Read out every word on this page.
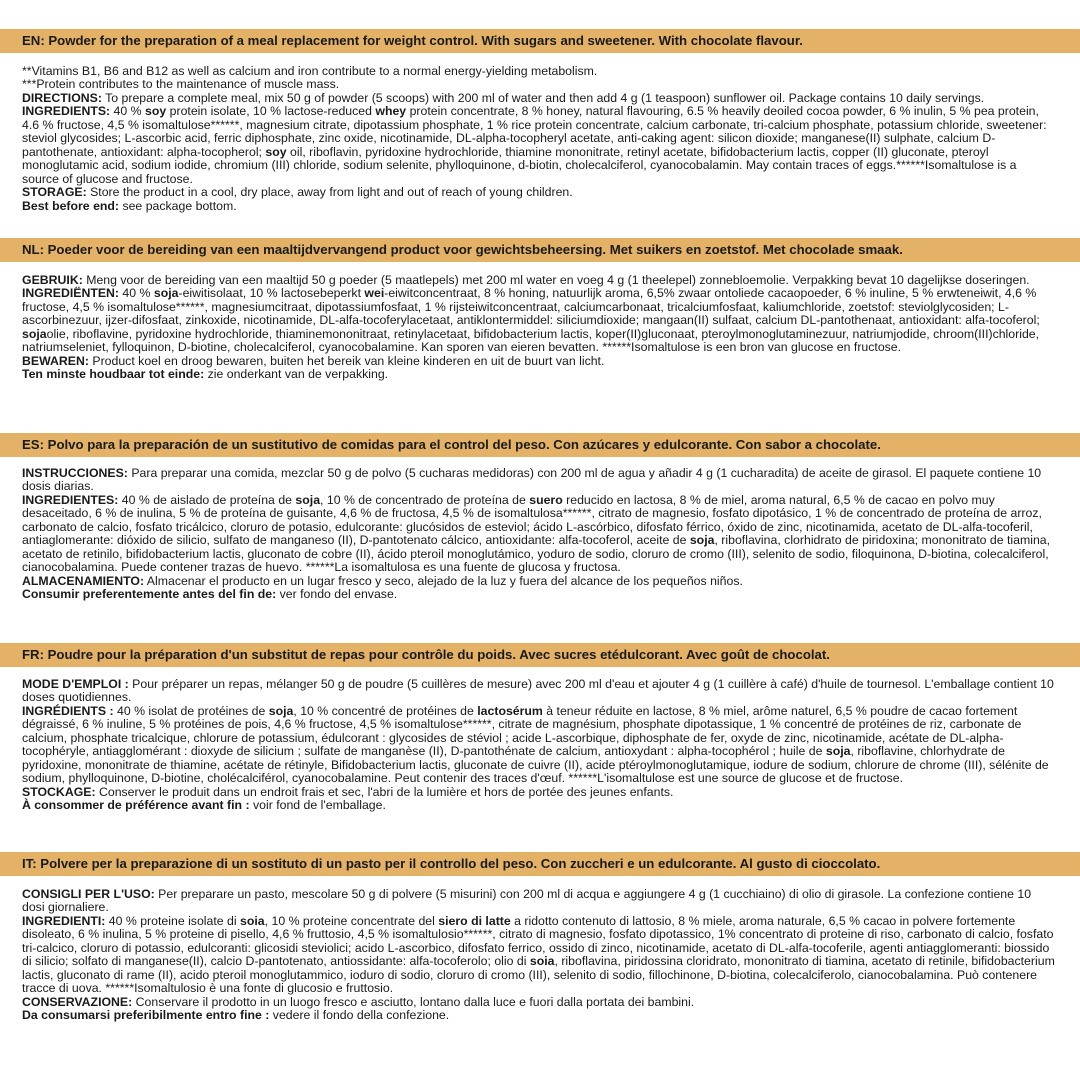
EN: Powder for the preparation of a meal replacement for weight control. With sugars and sweetener. With chocolate flavour.
**Vitamins B1, B6 and B12 as well as calcium and iron contribute to a normal energy-yielding metabolism.
***Protein contributes to the maintenance of muscle mass.
DIRECTIONS: To prepare a complete meal, mix 50 g of powder (5 scoops) with 200 ml of water and then add 4 g (1 teaspoon) sunflower oil. Package contains 10 daily servings. INGREDIENTS: 40 % soy protein isolate, 10 % lactose-reduced whey protein concentrate, 8 % honey, natural flavouring, 6.5 % heavily deoiled cocoa powder, 6 % inulin, 5 % pea protein, 4.6 % fructose, 4,5 % isomaltulose******, magnesium citrate, dipotassium phosphate, 1 % rice protein concentrate, calcium carbonate, tri-calcium phosphate, potassium chloride, sweetener: steviol glycosides; L-ascorbic acid, ferric diphosphate, zinc oxide, nicotinamide, DL-alpha-tocopheryl acetate, anti-caking agent: silicon dioxide; manganese(II) sulphate, calcium D-pantothenate, antioxidant: alpha-tocopherol; soy oil, riboflavin, pyridoxine hydrochloride, thiamine mononitrate, retinyl acetate, bifidobacterium lactis, copper (II) gluconate, pteroyl monoglutamic acid, sodium iodide, chromium (III) chloride, sodium selenite, phylloquinone, d-biotin, cholecalciferol, cyanocobalamin. May contain traces of eggs.******Isomaltulose is a source of glucose and fructose.
STORAGE: Store the product in a cool, dry place, away from light and out of reach of young children.
Best before end: see package bottom.
NL: Poeder voor de bereiding van een maaltijdvervangend product voor gewichtsbeheersing. Met suikers en zoetstof. Met chocolade smaak.
GEBRUIK: Meng voor de bereiding van een maaltijd 50 g poeder (5 maatlepels) met 200 ml water en voeg 4 g (1 theelepel) zonnebloemolie. Verpakking bevat 10 dagelijkse doseringen.
INGREDIËNTEN: 40 % soja-eiwitisolaat, 10 % lactosebeperkt wei-eiwitconcentraat, 8 % honing, natuurlijk aroma, 6,5% zwaar ontoliede cacaopoeder, 6 % inuline, 5 % erwteneiwit, 4,6 % fructose, 4,5 % isomaltulose******, magnesiumcitraat, dipotassiumfosfaat, 1 % rijsteiwitconcentraat, calciumcarbonaat, tricalciumfosfaat, kaliumchloride, zoetstof: steviolglycosiden; L-ascorbinezuur, ijzer-difosfaat, zinkoxide, nicotinamide, DL-alfa-tocoferylacetaat, antiklontermiddel: siliciumdioxide; mangaan(II) sulfaat, calcium DL-pantothenaat, antioxidant: alfa-tocoferol; sojaolie, riboflavine, pyridoxine hydrochloride, thiaminemononitraat, retinylacetaat, bifidobacterium lactis, koper(II)gluconaat, pteroylmonoglutaminezuur, natriumjodide, chroom(III)chloride, natriumseleniet, fylloquinon, D-biotine, cholecalciferol, cyanocobalamine. Kan sporen van eieren bevatten. ******Isomaltulose is een bron van glucose en fructose.
BEWAREN: Product koel en droog bewaren, buiten het bereik van kleine kinderen en uit de buurt van licht.
Ten minste houdbaar tot einde: zie onderkant van de verpakking.
ES: Polvo para la preparación de un sustitutivo de comidas para el control del peso. Con azúcares y edulcorante. Con sabor a chocolate.
INSTRUCCIONES: Para preparar una comida, mezclar 50 g de polvo (5 cucharas medidoras) con 200 ml de agua y añadir 4 g (1 cucharadita) de aceite de girasol. El paquete contiene 10 dosis diarias.
INGREDIENTES: 40 % de aislado de proteína de soja, 10 % de concentrado de proteína de suero reducido en lactosa, 8 % de miel, aroma natural, 6,5 % de cacao en polvo muy desaceitado, 6 % de inulina, 5 % de proteína de guisante, 4,6 % de fructosa, 4,5 % de isomaltulosa******, citrato de magnesio, fosfato dipotásico, 1 % de concentrado de proteína de arroz, carbonato de calcio, fosfato tricálcico, cloruro de potasio, edulcorante: glucósidos de esteviol; ácido L-ascórbico, difosfato férrico, óxido de zinc, nicotinamida, acetato de DL-alfa-tocoferil, antiaglomerante: dióxido de silicio, sulfato de manganeso (II), D-pantotenato cálcico, antioxidante: alfa-tocoferol, aceite de soja, riboflavina, clorhidrato de piridoxina; mononitrato de tiamina, acetato de retinilo, bifidobacterium lactis, gluconato de cobre (II), ácido pteroil monoglutámico, yoduro de sodio, cloruro de cromo (III), selenito de sodio, filoquinona, D-biotina, colecalciferol, cianocobalamina. Puede contener trazas de huevo. ******La isomaltulosa es una fuente de glucosa y fructosa.
ALMACENAMIENTO: Almacenar el producto en un lugar fresco y seco, alejado de la luz y fuera del alcance de los pequeños niños.
Consumir preferentemente antes del fin de: ver fondo del envase.
FR: Poudre pour la préparation d'un substitut de repas pour contrôle du poids. Avec sucres etédulcorant. Avec goût de chocolat.
MODE D'EMPLOI : Pour préparer un repas, mélanger 50 g de poudre (5 cuillères de mesure) avec 200 ml d'eau et ajouter 4 g (1 cuillère à café) d'huile de tournesol. L'emballage contient 10 doses quotidiennes.
INGRÉDIENTS : 40 % isolat de protéines de soja, 10 % concentré de protéines de lactosérum à teneur réduite en lactose, 8 % miel, arôme naturel, 6,5 % poudre de cacao fortement dégraissé, 6 % inuline, 5 % protéines de pois, 4,6 % fructose, 4,5 % isomaltulose******, citrate de magnésium, phosphate dipotassique, 1 % concentré de protéines de riz, carbonate de calcium, phosphate tricalcique, chlorure de potassium, édulcorant : glycosides de stéviol ; acide L-ascorbique, diphosphate de fer, oxyde de zinc, nicotinamide, acétate de DL-alpha-tocophéryle, antiagglomérant : dioxyde de silicium ; sulfate de manganèse (II), D-pantothénate de calcium, antioxydant : alpha-tocophérol ; huile de soja, riboflavine, chlorhydrate de pyridoxine, mononitrate de thiamine, acétate de rétinyle, Bifidobacterium lactis, gluconate de cuivre (II), acide ptéroylmonoglutamique, iodure de sodium, chlorure de chrome (III), sélénite de sodium, phylloquinone, D-biotine, cholécalciférol, cyanocobalamine. Peut contenir des traces d'œuf. ******L'isomaltulose est une source de glucose et de fructose.
STOCKAGE: Conserver le produit dans un endroit frais et sec, l'abri de la lumière et hors de portée des jeunes enfants.
À consommer de préférence avant fin : voir fond de l'emballage.
IT: Polvere per la preparazione di un sostituto di un pasto per il controllo del peso. Con zuccheri e un edulcorante. Al gusto di cioccolato.
CONSIGLI PER L'USO: Per preparare un pasto, mescolare 50 g di polvere (5 misurini) con 200 ml di acqua e aggiungere 4 g (1 cucchiaino) di olio di girasole. La confezione contiene 10 dosi giornaliere.
INGREDIENTI: 40 % proteine isolate di soia, 10 % proteine concentrate del siero di latte a ridotto contenuto di lattosio, 8 % miele, aroma naturale, 6,5 % cacao in polvere fortemente disoleato, 6 % inulina, 5 % proteine di pisello, 4,6 % fruttosio, 4,5 % isomaltulosio******, citrato di magnesio, fosfato dipotassico, 1% concentrato di proteine di riso, carbonato di calcio, fosfato tri-calcico, cloruro di potassio, edulcoranti: glicosidi steviolici; acido L-ascorbico, difosfato ferrico, ossido di zinco, nicotinamide, acetato di DL-alfa-tocoferile, agenti antiagglomeranti: biossido di silicio; solfato di manganese(II), calcio D-pantotenato, antiossidante: alfa-tocoferolo; olio di soia, riboflavina, piridossina cloridrato, mononitrato di tiamina, acetato di retinile, bifidobacterium lactis, gluconato di rame (II), acido pteroil monoglutammico, ioduro di sodio, cloruro di cromo (III), selenito di sodio, fillochinone, D-biotina, colecalciferolo, cianocobalamina. Può contenere tracce di uova. ******Isomaltulosio è una fonte di glucosio e fruttosio.
CONSERVAZIONE: Conservare il prodotto in un luogo fresco e asciutto, lontano dalla luce e fuori dalla portata dei bambini.
Da consumarsi preferibilmente entro fine : vedere il fondo della confezione.
